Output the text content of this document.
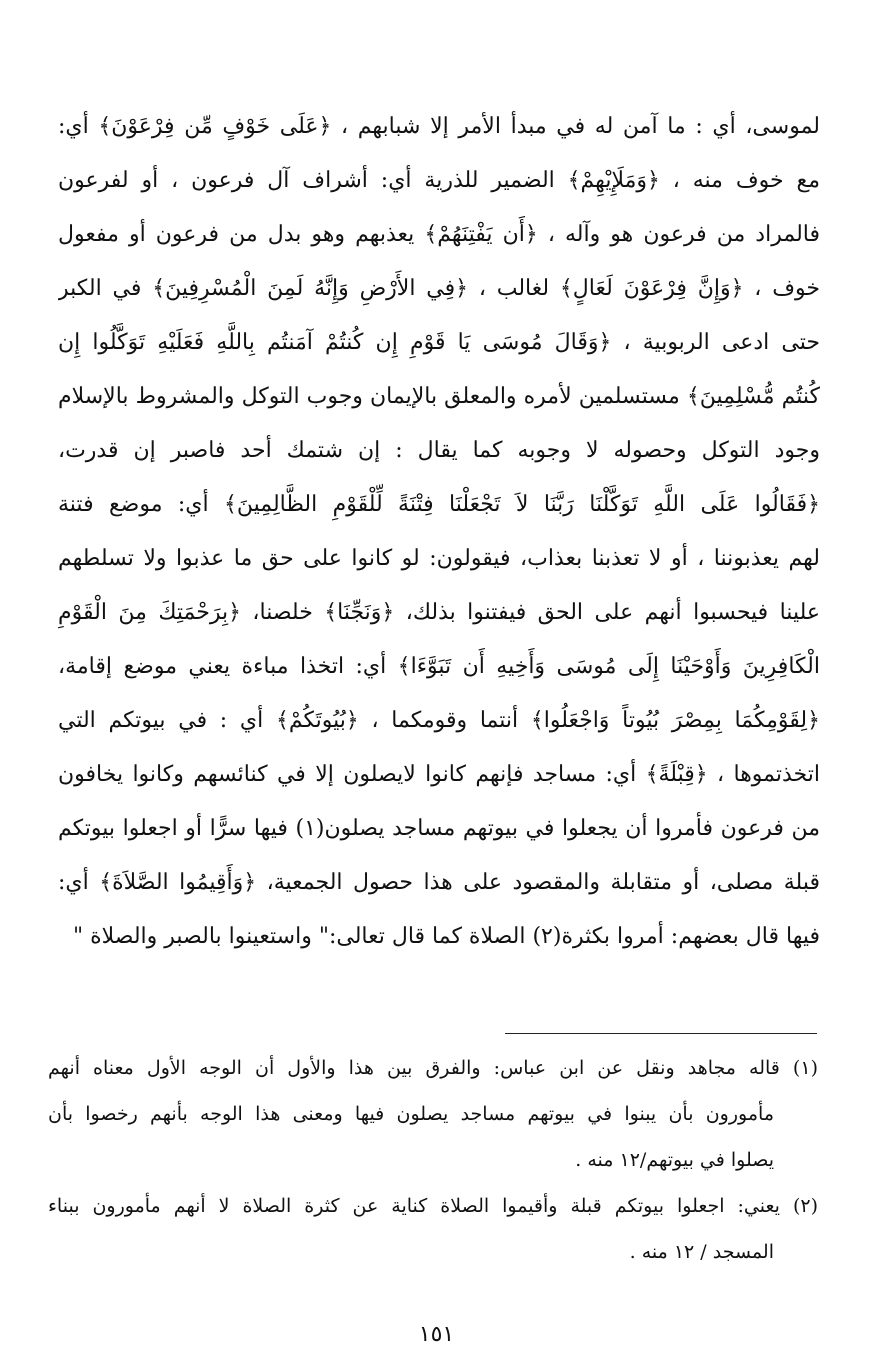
لموسى، أي : ما آمن له في مبدأ الأمر إلا شبابهم ، ﴿عَلَى خَوْفٍ مِّن فِرْعَوْنَ﴾ أي:
مع خوف منه ، ﴿وَمَلَإِيْهِمْ﴾ الضمير للذرية أي: أشراف آل فرعون ، أو لفرعون
فالمراد من فرعون هو وآله ، ﴿أَن يَفْتِنَهُمْ﴾ يعذبهم وهو بدل من فرعون أو مفعول
خوف ، ﴿وَإِنَّ فِرْعَوْنَ لَعَالٍ﴾ لغالب ، ﴿فِي الأَرْضِ وَإِنَّهُ لَمِنَ الْمُسْرِفِينَ﴾ في الكبر
حتى ادعى الربوبية ، ﴿وَقَالَ مُوسَى يَا قَوْمِ إِن كُنتُمْ آمَنتُم بِاللَّهِ فَعَلَيْهِ تَوَكَّلُوا إِن
كُنتُم مُّسْلِمِينَ﴾ مستسلمين لأمره والمعلق بالإيمان وجوب التوكل والمشروط بالإسلام
وجود التوكل وحصوله لا وجوبه كما يقال : إن شتمك أحد فاصبر إن قدرت،
﴿فَقَالُوا عَلَى اللَّهِ تَوَكَّلْنَا رَبَّنَا لاَ تَجْعَلْنَا فِتْنَةً لِّلْقَوْمِ الظَّالِمِينَ﴾ أي: موضع فتنة
لهم يعذبوننا ، أو لا تعذبنا بعذاب، فيقولون: لو كانوا على حق ما عذبوا ولا تسلطهم
علينا فيحسبوا أنهم على الحق فيفتنوا بذلك، ﴿وَنَجِّنَا﴾ خلصنا، ﴿بِرَحْمَتِكَ مِنَ الْقَوْمِ
الْكَافِرِينَ وَأَوْحَيْنَا إِلَى مُوسَى وَأَخِيهِ أَن تَبَوَّءَا﴾ أي: اتخذا مباءة يعني موضع إقامة،
﴿لِقَوْمِكُمَا بِمِصْرَ بُيُوتاً وَاجْعَلُوا﴾ أنتما وقومكما ، ﴿بُيُوتَكُمْ﴾ أي : في بيوتكم التي
اتخذتموها ، ﴿قِبْلَةً﴾ أي: مساجد فإنهم كانوا لايصلون إلا في كنائسهم وكانوا يخافون
من فرعون فأمروا أن يجعلوا في بيوتهم مساجد يصلون(١) فيها سرًّا أو اجعلوا بيوتكم
قبلة مصلى، أو متقابلة والمقصود على هذا حصول الجمعية، ﴿وَأَقِيمُوا الصَّلاَةَ﴾ أي:
فيها قال بعضهم: أمروا بكثرة(٢) الصلاة كما قال تعالى:" واستعينوا بالصبر والصلاة "
(١) قاله مجاهد ونقل عن ابن عباس: والفرق بين هذا والأول أن الوجه الأول معناه أنهم
مأمورون بأن يبنوا في بيوتهم مساجد يصلون فيها ومعنى هذا الوجه بأنهم رخصوا بأن
يصلوا في بيوتهم/١٢ منه .
(٢) يعني: اجعلوا بيوتكم قبلة وأقيموا الصلاة كناية عن كثرة الصلاة لا أنهم مأمورون ببناء
المسجد / ١٢ منه .
١٥١
